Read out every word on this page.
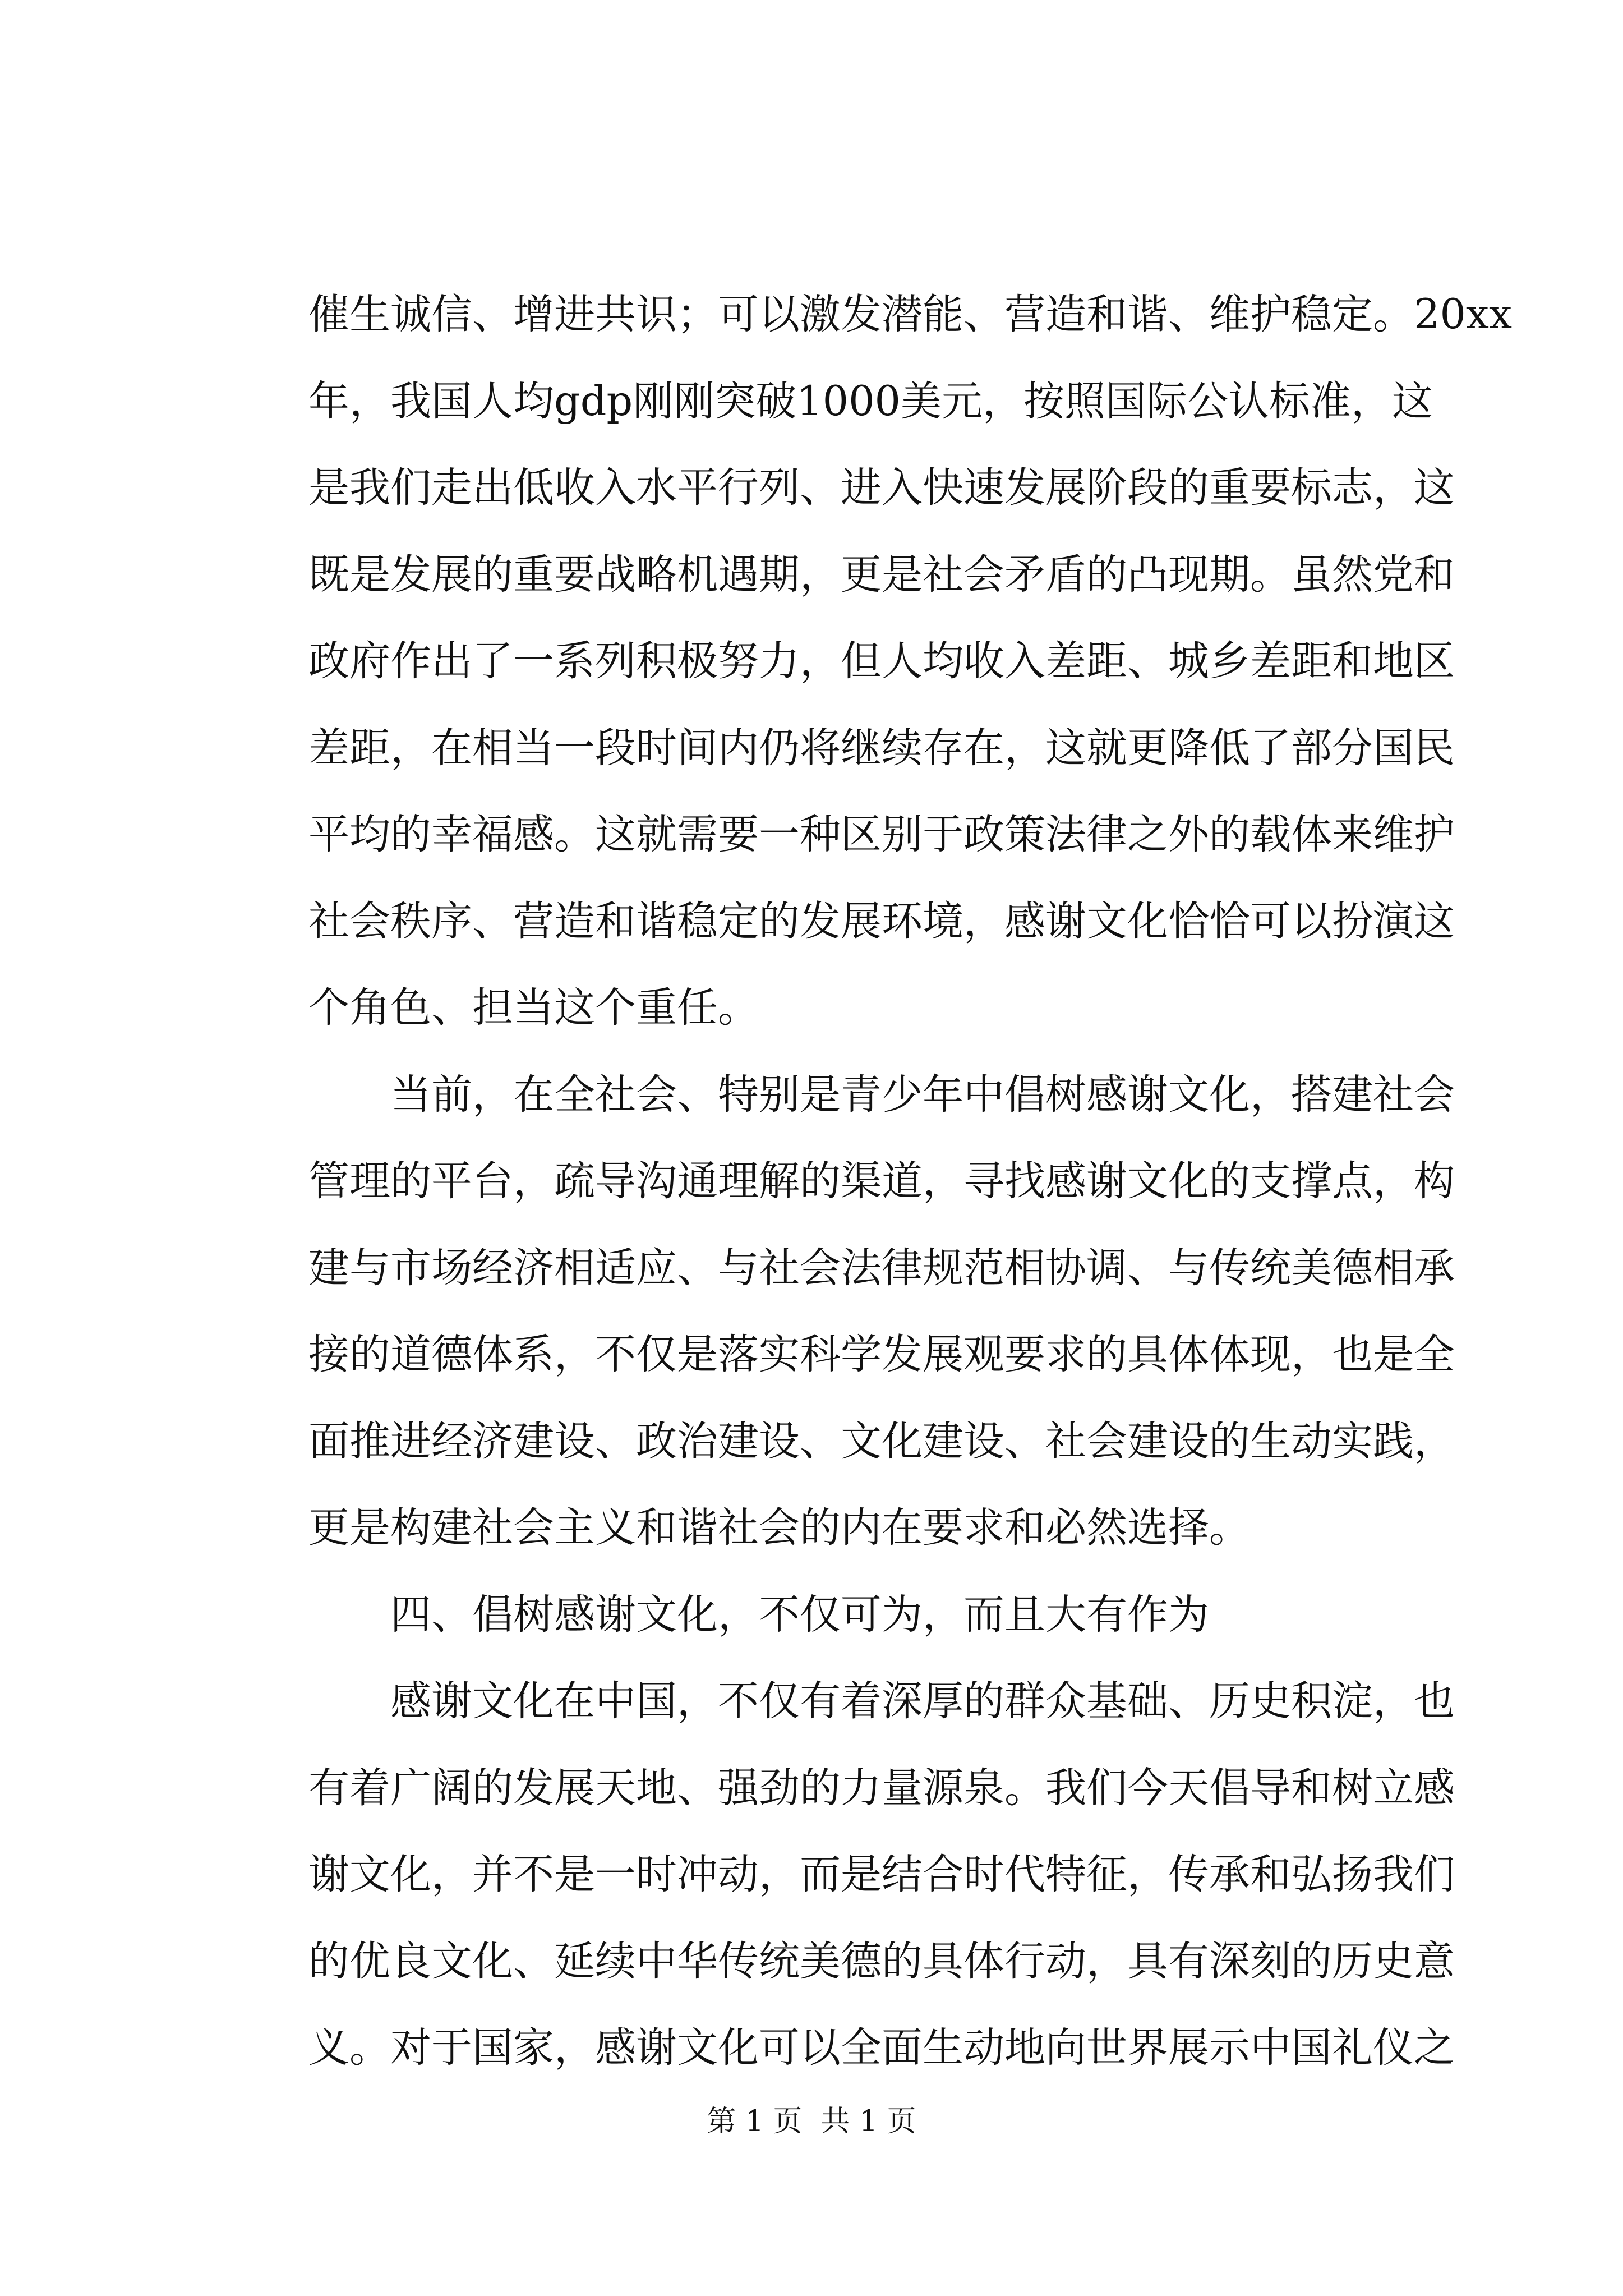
催生诚信、增进共识；可以激发潜能、营造和谐、维护稳定。20xx
年，我国人均gdp刚刚突破1000美元，按照国际公认标准，这
是我们走出低收入水平行列、进入快速发展阶段的重要标志，这
既是发展的重要战略机遇期，更是社会矛盾的凸现期。虽然党和
政府作出了一系列积极努力，但人均收入差距、城乡差距和地区
差距，在相当一段时间内仍将继续存在，这就更降低了部分国民
平均的幸福感。这就需要一种区别于政策法律之外的载体来维护
社会秩序、营造和谐稳定的发展环境，感谢文化恰恰可以扮演这
个角色、担当这个重任。
　　当前，在全社会、特别是青少年中倡树感谢文化，搭建社会
管理的平台，疏导沟通理解的渠道，寻找感谢文化的支撑点，构
建与市场经济相适应、与社会法律规范相协调、与传统美德相承
接的道德体系，不仅是落实科学发展观要求的具体体现，也是全
面推进经济建设、政治建设、文化建设、社会建设的生动实践，
更是构建社会主义和谐社会的内在要求和必然选择。
　　四、倡树感谢文化，不仅可为，而且大有作为
　　感谢文化在中国，不仅有着深厚的群众基础、历史积淀，也
有着广阔的发展天地、强劲的力量源泉。我们今天倡导和树立感
谢文化，并不是一时冲动，而是结合时代特征，传承和弘扬我们
的优良文化、延续中华传统美德的具体行动，具有深刻的历史意
义。对于国家，感谢文化可以全面生动地向世界展示中国礼仪之
第 1 页  共 1 页
